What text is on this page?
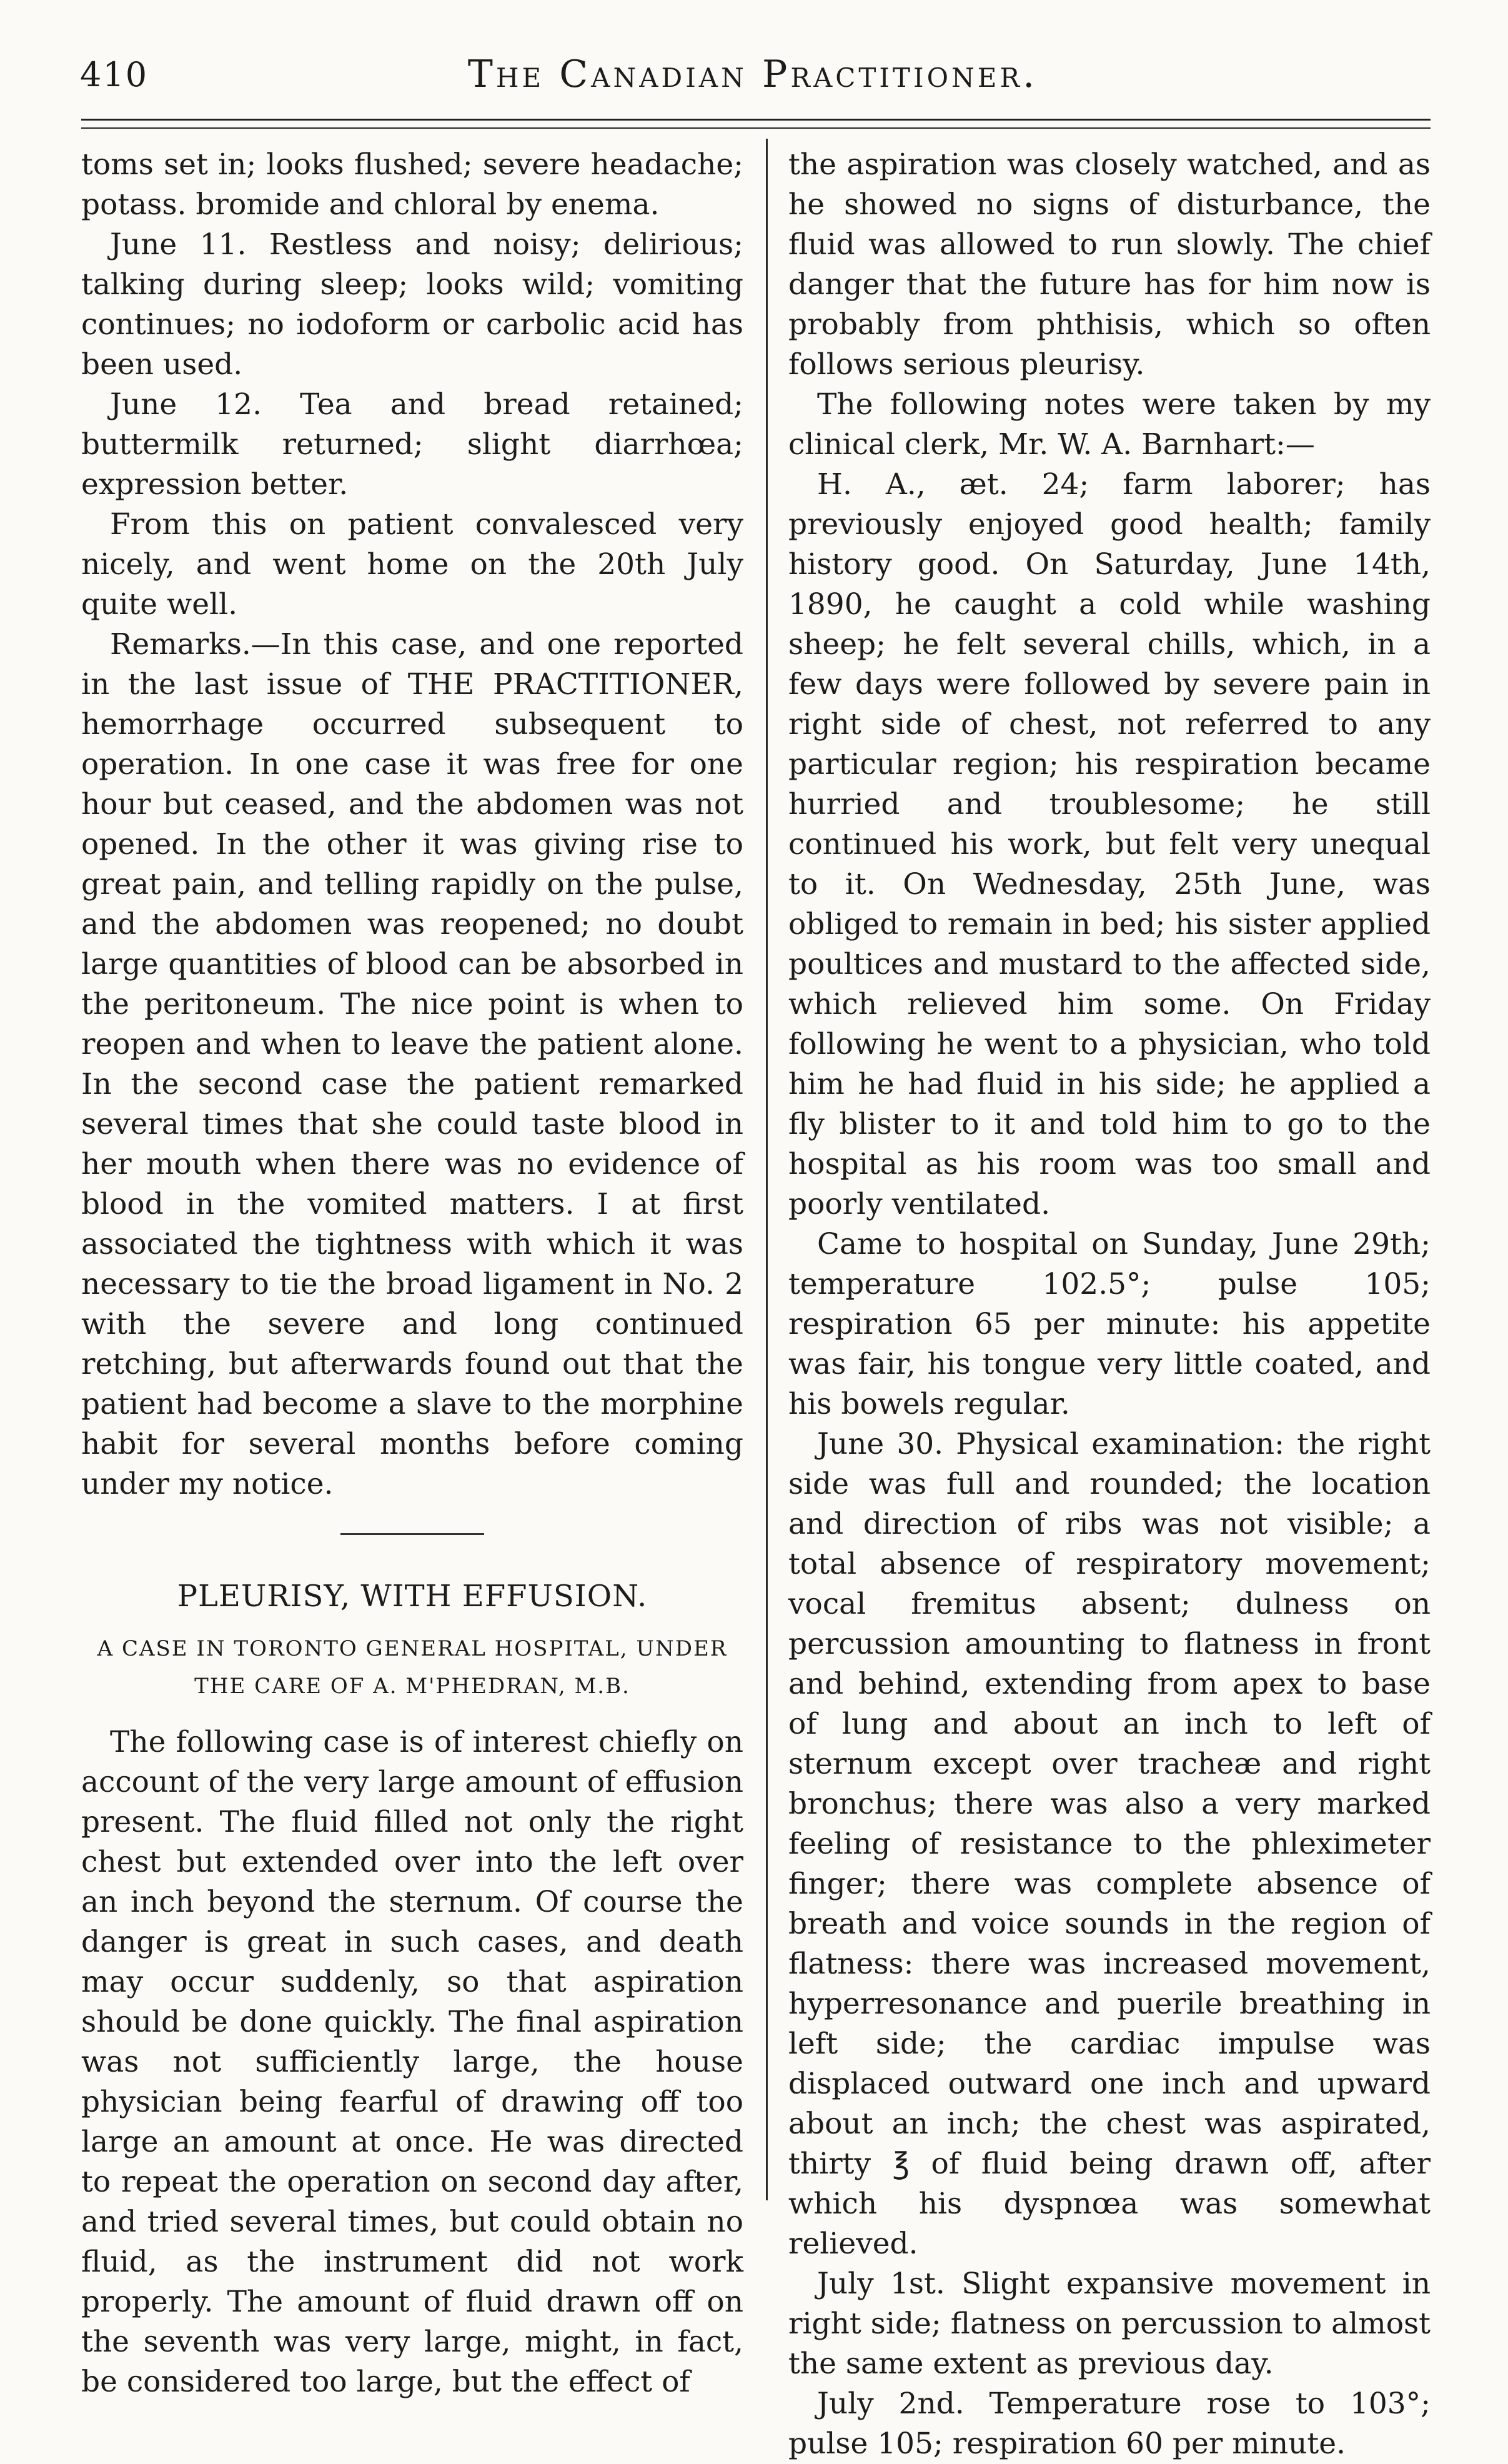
410	The Canadian Practitioner.

toms set in; looks flushed; severe headache; potass. bromide and chloral by enema.

June 11. Restless and noisy; delirious; talking during sleep; looks wild; vomiting continues; no iodoform or carbolic acid has been used.

June 12. Tea and bread retained; buttermilk returned; slight diarrhœa; expression better.

From this on patient convalesced very nicely, and went home on the 20th July quite well.

Remarks.—In this case, and one reported in the last issue of THE PRACTITIONER, hemorrhage occurred subsequent to operation. In one case it was free for one hour but ceased, and the abdomen was not opened. In the other it was giving rise to great pain, and telling rapidly on the pulse, and the abdomen was reopened; no doubt large quantities of blood can be absorbed in the peritoneum. The nice point is when to reopen and when to leave the patient alone. In the second case the patient remarked several times that she could taste blood in her mouth when there was no evidence of blood in the vomited matters. I at first associated the tightness with which it was necessary to tie the broad ligament in No. 2 with the severe and long continued retching, but afterwards found out that the patient had become a slave to the morphine habit for several months before coming under my notice.

PLEURISY, WITH EFFUSION.
A CASE IN TORONTO GENERAL HOSPITAL, UNDER THE CARE OF A. M'PHEDRAN, M.B.

The following case is of interest chiefly on account of the very large amount of effusion present. The fluid filled not only the right chest but extended over into the left over an inch beyond the sternum. Of course the danger is great in such cases, and death may occur suddenly, so that aspiration should be done quickly. The final aspiration was not sufficiently large, the house physician being fearful of drawing off too large an amount at once. He was directed to repeat the operation on second day after, and tried several times, but could obtain no fluid, as the instrument did not work properly. The amount of fluid drawn off on the seventh was very large, might, in fact, be considered too large, but the effect of

the aspiration was closely watched, and as he showed no signs of disturbance, the fluid was allowed to run slowly. The chief danger that the future has for him now is probably from phthisis, which so often follows serious pleurisy.

The following notes were taken by my clinical clerk, Mr. W. A. Barnhart:—

H. A., æt. 24; farm laborer; has previously enjoyed good health; family history good. On Saturday, June 14th, 1890, he caught a cold while washing sheep; he felt several chills, which, in a few days were followed by severe pain in right side of chest, not referred to any particular region; his respiration became hurried and troublesome; he still continued his work, but felt very unequal to it. On Wednesday, 25th June, was obliged to remain in bed; his sister applied poultices and mustard to the affected side, which relieved him some. On Friday following he went to a physician, who told him he had fluid in his side; he applied a fly blister to it and told him to go to the hospital as his room was too small and poorly ventilated.

Came to hospital on Sunday, June 29th; temperature 102.5°; pulse 105; respiration 65 per minute: his appetite was fair, his tongue very little coated, and his bowels regular.

June 30. Physical examination: the right side was full and rounded; the location and direction of ribs was not visible; a total absence of respiratory movement; vocal fremitus absent; dulness on percussion amounting to flatness in front and behind, extending from apex to base of lung and about an inch to left of sternum except over tracheæ and right bronchus; there was also a very marked feeling of resistance to the phleximeter finger; there was complete absence of breath and voice sounds in the region of flatness: there was increased movement, hyperresonance and puerile breathing in left side; the cardiac impulse was displaced outward one inch and upward about an inch; the chest was aspirated, thirty ℥ of fluid being drawn off, after which his dyspnœa was somewhat relieved.

July 1st. Slight expansive movement in right side; flatness on percussion to almost the same extent as previous day.

July 2nd. Temperature rose to 103°; pulse 105; respiration 60 per minute.
